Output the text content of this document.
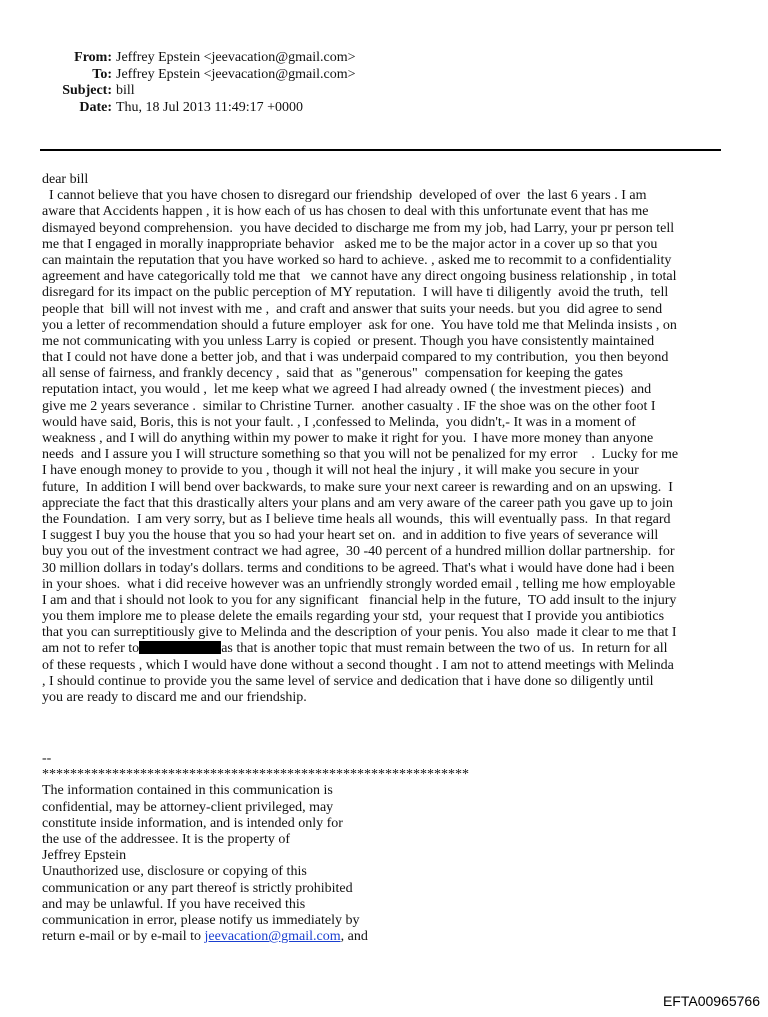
From: Jeffrey Epstein <jeevacation@gmail.com>
To: Jeffrey Epstein <jeevacation@gmail.com>
Subject: bill
Date: Thu, 18 Jul 2013 11:49:17 +0000
dear bill
I cannot believe that you have chosen to disregard our friendship  developed of over  the last 6 years . I am
aware that Accidents happen , it is how each of us has chosen to deal with this unfortunate event that has me
dismayed beyond comprehension.  you have decided to discharge me from my job, had Larry, your pr person tell
me that I engaged in morally inappropriate behavior   asked me to be the major actor in a cover up so that you
can maintain the reputation that you have worked so hard to achieve. , asked me to recommit to a confidentiality
agreement and have categorically told me that   we cannot have any direct ongoing business relationship , in total
disregard for its impact on the public perception of MY reputation.  I will have ti diligently  avoid the truth,  tell
people that  bill will not invest with me ,  and craft and answer that suits your needs. but you  did agree to send
you a letter of recommendation should a future employer  ask for one.  You have told me that Melinda insists , on
me not communicating with you unless Larry is copied  or present. Though you have consistently maintained
that I could not have done a better job, and that i was underpaid compared to my contribution,  you then beyond
all sense of fairness, and frankly decency ,  said that  as "generous"  compensation for keeping the gates
reputation intact, you would ,  let me keep what we agreed I had already owned ( the investment pieces)  and
give me 2 years severance .  similar to Christine Turner.  another casualty . IF the shoe was on the other foot I
would have said, Boris, this is not your fault. , I ,confessed to Melinda,  you didn't,- It was in a moment of
weakness , and I will do anything within my power to make it right for you.  I have more money than anyone
needs  and I assure you I will structure something so that you will not be penalized for my error    .  Lucky for me
I have enough money to provide to you , though it will not heal the injury , it will make you secure in your
future,  In addition I will bend over backwards, to make sure your next career is rewarding and on an upswing.  I
appreciate the fact that this drastically alters your plans and am very aware of the career path you gave up to join
the Foundation.  I am very sorry, but as I believe time heals all wounds,  this will eventually pass.  In that regard
I suggest I buy you the house that you so had your heart set on.  and in addition to five years of severance will
buy you out of the investment contract we had agree,  30 -40 percent of a hundred million dollar partnership.  for
30 million dollars in today's dollars. terms and conditions to be agreed. That's what i would have done had i been
in your shoes.  what i did receive however was an unfriendly strongly worded email , telling me how employable
I am and that i should not look to you for any significant   financial help in the future,  TO add insult to the injury
you them implore me to please delete the emails regarding your std,  your request that I provide you antibiotics
that you can surreptitiously give to Melinda and the description of your penis. You also  made it clear to me that I
am not to refer to	as that is another topic that must remain between the two of us.  In return for all
of these requests , which I would have done without a second thought . I am not to attend meetings with Melinda
, I should continue to provide you the same level of service and dedication that i have done so diligently until
you are ready to discard me and our friendship.
--
*************************************************************
The information contained in this communication is
confidential, may be attorney-client privileged, may
constitute inside information, and is intended only for
the use of the addressee. It is the property of
Jeffrey Epstein
Unauthorized use, disclosure or copying of this
communication or any part thereof is strictly prohibited
and may be unlawful. If you have received this
communication in error, please notify us immediately by
return e-mail or by e-mail to jeevacation@gmail.com, and
EFTA00965766
